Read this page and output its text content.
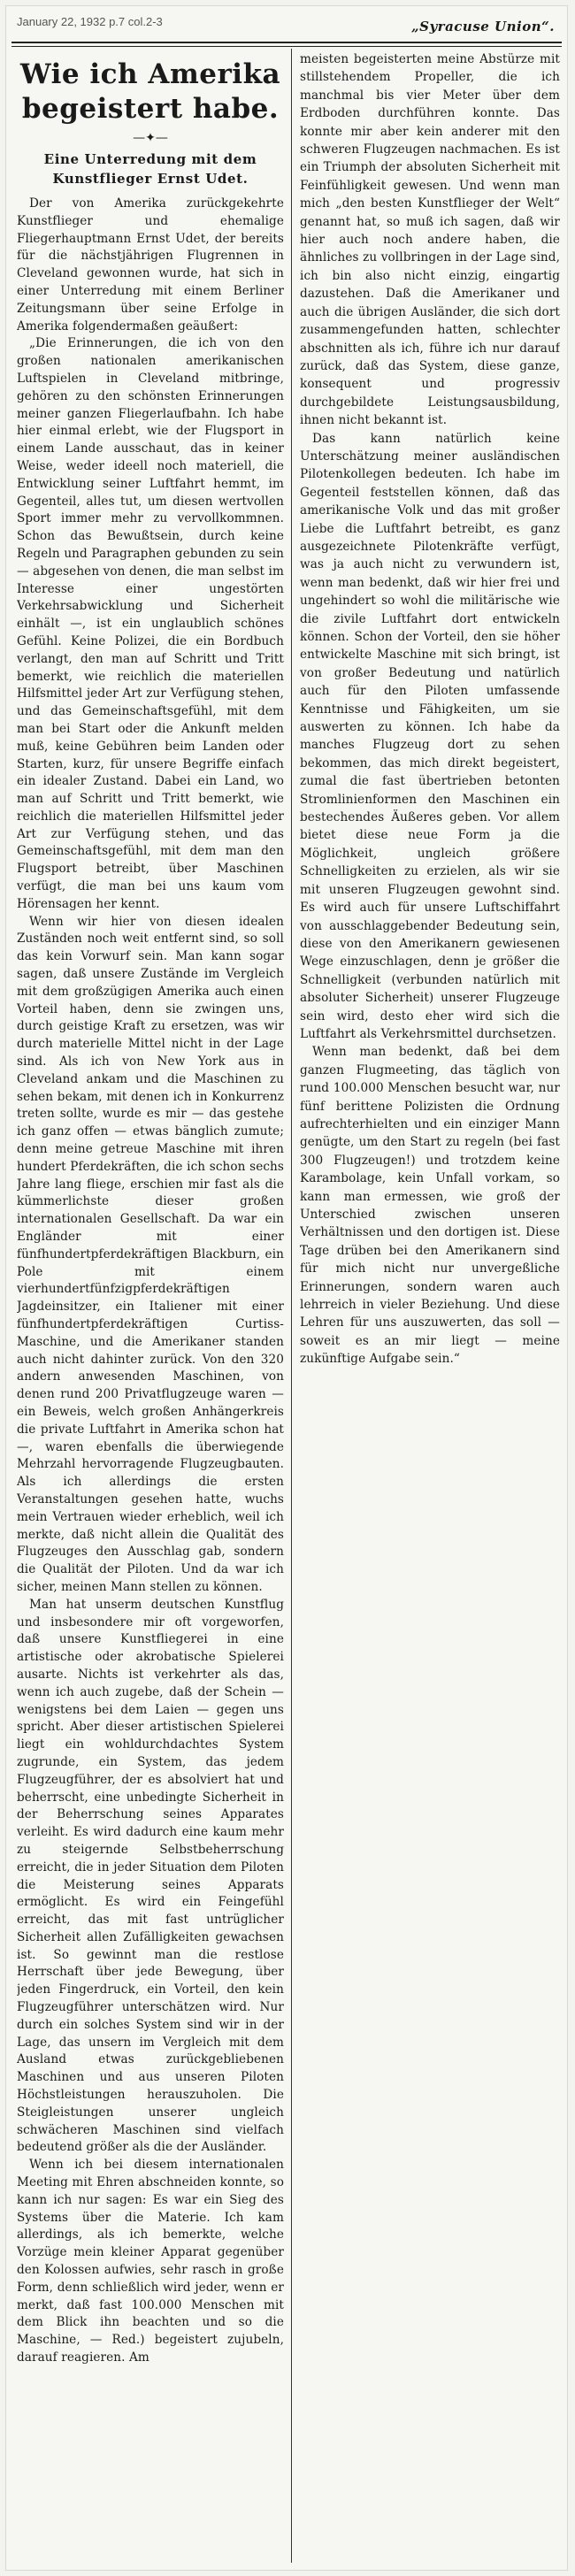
January 22, 1932 p.7 col.2-3	„Syracuse Union“.
Wie ich Amerika begeistert habe.
—✦—
Eine Unterredung mit dem Kunstflieger Ernst Udet.

Der von Amerika zurückgekehrte Kunstflieger und ehemalige Fliegerhauptmann Ernst Udet, der bereits für die nächstjährigen Flugrennen in Cleveland gewonnen wurde, hat sich in einer Unterredung mit einem Berliner Zeitungsmann über seine Erfolge in Amerika folgendermaßen geäußert:

„Die Erinnerungen, die ich von den großen nationalen amerikanischen Luftspielen in Cleveland mitbringe, gehören zu den schönsten Erinnerungen meiner ganzen Fliegerlaufbahn. Ich habe hier einmal erlebt, wie der Flugsport in einem Lande ausschaut, das in keiner Weise, weder ideell noch materiell, die Entwicklung seiner Luftfahrt hemmt, im Gegenteil, alles tut, um diesen wertvollen Sport immer mehr zu vervollkommnen. Schon das Bewußtsein, durch keine Regeln und Paragraphen gebunden zu sein — abgesehen von denen, die man selbst im Interesse einer ungestörten Verkehrsabwicklung und Sicherheit einhält —, ist ein unglaublich schönes Gefühl. Keine Polizei, die ein Bordbuch verlangt, den man auf Schritt und Tritt bemerkt, wie reichlich die materiellen Hilfsmittel jeder Art zur Verfügung stehen, und das Gemeinschaftsgefühl, mit dem man bei Start oder die Ankunft melden muß, keine Gebühren beim Landen oder Starten, kurz, für unsere Begriffe einfach ein idealer Zustand. Dabei ein Land, wo man auf Schritt und Tritt bemerkt, wie reichlich die materiellen Hilfsmittel jeder Art zur Verfügung stehen, und das Gemeinschaftsgefühl, mit dem man den Flugsport betreibt, über Maschinen verfügt, die man bei uns kaum vom Hörensagen her kennt.

Wenn wir hier von diesen idealen Zuständen noch weit entfernt sind, so soll das kein Vorwurf sein. Man kann sogar sagen, daß unsere Zustände im Vergleich mit dem großzügigen Amerika auch einen Vorteil haben, denn sie zwingen uns, durch geistige Kraft zu ersetzen, was wir durch materielle Mittel nicht in der Lage sind. Als ich von New York aus in Cleveland ankam und die Maschinen zu sehen bekam, mit denen ich in Konkurrenz treten sollte, wurde es mir — das gestehe ich ganz offen — etwas bänglich zumute; denn meine getreue Maschine mit ihren hundert Pferdekräften, die ich schon sechs Jahre lang fliege, erschien mir fast als die kümmerlichste dieser großen internationalen Gesellschaft. Da war ein Engländer mit einer fünfhundertpferdekräftigen Blackburn, ein Pole mit einem vierhundertfünfzigpferdekräftigen Jagdeinsitzer, ein Italiener mit einer fünfhundertpferdekräftigen Curtiss-Maschine, und die Amerikaner standen auch nicht dahinter zurück. Von den 320 andern anwesenden Maschinen, von denen rund 200 Privatflugzeuge waren — ein Beweis, welch großen Anhängerkreis die private Luftfahrt in Amerika schon hat —, waren ebenfalls die überwiegende Mehrzahl hervorragende Flugzeugbauten. Als ich allerdings die ersten Veranstaltungen gesehen hatte, wuchs mein Vertrauen wieder erheblich, weil ich merkte, daß nicht allein die Qualität des Flugzeuges den Ausschlag gab, sondern die Qualität der Piloten. Und da war ich sicher, meinen Mann stellen zu können.

Man hat unserm deutschen Kunstflug und insbesondere mir oft vorgeworfen, daß unsere Kunstfliegerei in eine artistische oder akrobatische Spielerei ausarte. Nichts ist verkehrter als das, wenn ich auch zugebe, daß der Schein — wenigstens bei dem Laien — gegen uns spricht. Aber dieser artistischen Spielerei liegt ein wohldurchdachtes System zugrunde, ein System, das jedem Flugzeugführer, der es absolviert hat und beherrscht, eine unbedingte Sicherheit in der Beherrschung seines Apparates verleiht. Es wird dadurch eine kaum mehr zu steigernde Selbstbeherrschung erreicht, die in jeder Situation dem Piloten die Meisterung seines Apparats ermöglicht. Es wird ein Feingefühl erreicht, das mit fast untrüglicher Sicherheit allen Zufälligkeiten gewachsen ist. So gewinnt man die restlose Herrschaft über jede Bewegung, über jeden Fingerdruck, ein Vorteil, den kein Flugzeugführer unterschätzen wird. Nur durch ein solches System sind wir in der Lage, das unsern im Vergleich mit dem Ausland etwas zurückgebliebenen Maschinen und aus unseren Piloten Höchstleistungen herauszuholen. Die Steigleistungen unserer ungleich schwächeren Maschinen sind vielfach bedeutend größer als die der Ausländer.

Wenn ich bei diesem internationalen Meeting mit Ehren abschneiden konnte, so kann ich nur sagen: Es war ein Sieg des Systems über die Materie. Ich kam allerdings, als ich bemerkte, welche Vorzüge mein kleiner Apparat gegenüber den Kolossen aufwies, sehr rasch in große Form, denn schließlich wird jeder, wenn er merkt, daß fast 100.000 Menschen mit dem Blick ihn beachten und so die Maschine, — Red.) begeistert zujubeln, darauf reagieren. Am

meisten begeisterten meine Abstürze mit stillstehendem Propeller, die ich manchmal bis vier Meter über dem Erdboden durchführen konnte. Das konnte mir aber kein anderer mit den schweren Flugzeugen nachmachen. Es ist ein Triumph der absoluten Sicherheit mit Feinfühligkeit gewesen. Und wenn man mich „den besten Kunstflieger der Welt“ genannt hat, so muß ich sagen, daß wir hier auch noch andere haben, die ähnliches zu vollbringen in der Lage sind, ich bin also nicht einzig, eingartig dazustehen. Daß die Amerikaner und auch die übrigen Ausländer, die sich dort zusammengefunden hatten, schlechter abschnitten als ich, führe ich nur darauf zurück, daß das System, diese ganze, konsequent und progressiv durchgebildete Leistungsausbildung, ihnen nicht bekannt ist.

Das kann natürlich keine Unterschätzung meiner ausländischen Pilotenkollegen bedeuten. Ich habe im Gegenteil feststellen können, daß das amerikanische Volk und das mit großer Liebe die Luftfahrt betreibt, es ganz ausgezeichnete Pilotenkräfte verfügt, was ja auch nicht zu verwundern ist, wenn man bedenkt, daß wir hier frei und ungehindert so wohl die militärische wie die zivile Luftfahrt dort entwickeln können. Schon der Vorteil, den sie höher entwickelte Maschine mit sich bringt, ist von großer Bedeutung und natürlich auch für den Piloten umfassende Kenntnisse und Fähigkeiten, um sie auswerten zu können. Ich habe da manches Flugzeug dort zu sehen bekommen, das mich direkt begeistert, zumal die fast übertrieben betonten Stromlinienformen den Maschinen ein bestechendes Äußeres geben. Vor allem bietet diese neue Form ja die Möglichkeit, ungleich größere Schnelligkeiten zu erzielen, als wir sie mit unseren Flugzeugen gewohnt sind. Es wird auch für unsere Luftschiffahrt von ausschlaggebender Bedeutung sein, diese von den Amerikanern gewiesenen Wege einzuschlagen, denn je größer die Schnelligkeit (verbunden natürlich mit absoluter Sicherheit) unserer Flugzeuge sein wird, desto eher wird sich die Luftfahrt als Verkehrsmittel durchsetzen.

Wenn man bedenkt, daß bei dem ganzen Flugmeeting, das täglich von rund 100.000 Menschen besucht war, nur fünf berittene Polizisten die Ordnung aufrechterhielten und ein einziger Mann genügte, um den Start zu regeln (bei fast 300 Flugzeugen!) und trotzdem keine Karambolage, kein Unfall vorkam, so kann man ermessen, wie groß der Unterschied zwischen unseren Verhältnissen und den dortigen ist. Diese Tage drüben bei den Amerikanern sind für mich nicht nur unvergeßliche Erinnerungen, sondern waren auch lehrreich in vieler Beziehung. Und diese Lehren für uns auszuwerten, das soll — soweit es an mir liegt — meine zukünftige Aufgabe sein.“
